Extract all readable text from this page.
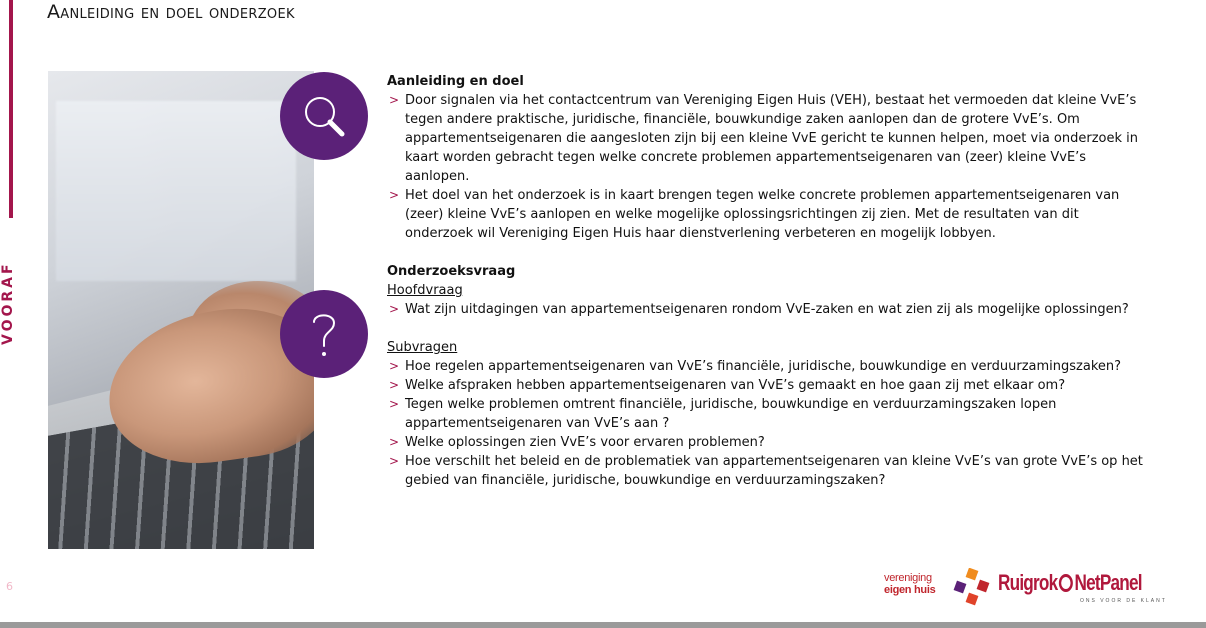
VOORAF
6
Aanleiding en doel onderzoek

Aanleiding en doel

> Door signalen via het contactcentrum van Vereniging Eigen Huis (VEH), bestaat het vermoeden dat kleine VvE’s tegen andere praktische, juridische, financiële, bouwkundige zaken aanlopen dan de grotere VvE’s. Om appartementseigenaren die aangesloten zijn bij een kleine VvE gericht te kunnen helpen, moet via onderzoek in kaart worden gebracht tegen welke concrete problemen appartementseigenaren van (zeer) kleine VvE’s aanlopen.
> Het doel van het onderzoek is in kaart brengen tegen welke concrete problemen appartementseigenaren van (zeer) kleine VvE’s aanlopen en welke mogelijke oplossingsrichtingen zij zien. Met de resultaten van dit onderzoek wil Vereniging Eigen Huis haar dienstverlening verbeteren en mogelijk lobbyen.

Onderzoeksvraag

Hoofdvraag

> Wat zijn uitdagingen van appartementseigenaren rondom VvE-zaken en wat zien zij als mogelijke oplossingen?

Subvragen

> Hoe regelen appartementseigenaren van VvE’s financiële, juridische, bouwkundige en verduurzamingszaken?
> Welke afspraken hebben appartementseigenaren van VvE’s gemaakt en hoe gaan zij met elkaar om?
> Tegen welke problemen omtrent financiële, juridische, bouwkundige en verduurzamingszaken lopen appartementseigenaren van VvE’s aan ?
> Welke oplossingen zien VvE’s voor ervaren problemen?
> Hoe verschilt het beleid en de problematiek van appartementseigenaren van kleine VvE’s van grote VvE’s op het gebied van financiële, juridische, bouwkundige en verduurzamingszaken?
vereniging
eigen huis	Ruigrok NetPanel
ONS VOOR DE KLANT
